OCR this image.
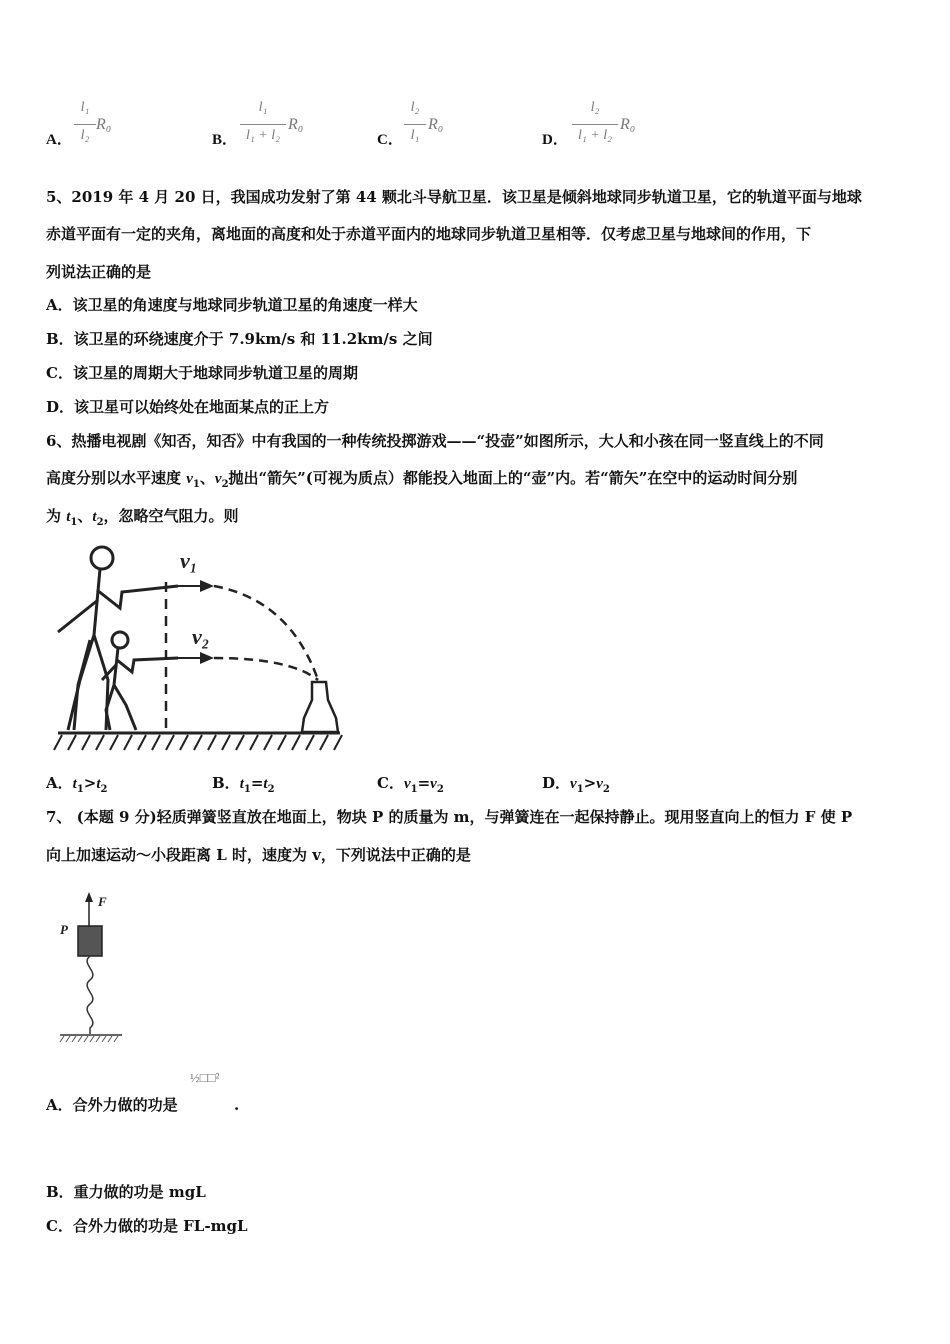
A．
l₁
l₂
R₀
B．
l₁
l₁ + l₂
R₀
C．
l₂
l₁
R₀
D．
l₂
l₁ + l₂
R₀
5、2019 年 4 月 20 日，我国成功发射了第 44 颗北斗导航卫星．该卫星是倾斜地球同步轨道卫星，它的轨道平面与地球
赤道平面有一定的夹角，离地面的高度和处于赤道平面内的地球同步轨道卫星相等．仅考虑卫星与地球间的作用，下
列说法正确的是
A．该卫星的角速度与地球同步轨道卫星的角速度一样大
B．该卫星的环绕速度介于 7.9km/s 和 11.2km/s 之间
C．该卫星的周期大于地球同步轨道卫星的周期
D．该卫星可以始终处在地面某点的正上方
6、热播电视剧《知否，知否》中有我国的一种传统投掷游戏——“投壶”如图所示，大人和小孩在同一竖直线上的不同
高度分别以水平速度 $v_1$、$v_2$抛出“箭矢”(可视为质点）都能投入地面上的“壶”内。若“箭矢”在空中的运动时间分别
为 $t_1$、$t_2$，忽略空气阻力。则
v₁
v₂
A．$t_1>t_2$	B．$t_1=t_2$	C．$v_1=v_2$	D．$v_1>v_2$
7、 (本题 9 分)轻质弹簧竖直放在地面上，物块 P 的质量为 m，与弹簧连在一起保持静止。现用竖直向上的恒力 F 使 P
向上加速运动～小段距离 L 时，速度为 v，下列说法中正确的是
F
P
A．合外力做的功是
½□□²
.
B．重力做的功是 mgL
C．合外力做的功是 FL-mgL
